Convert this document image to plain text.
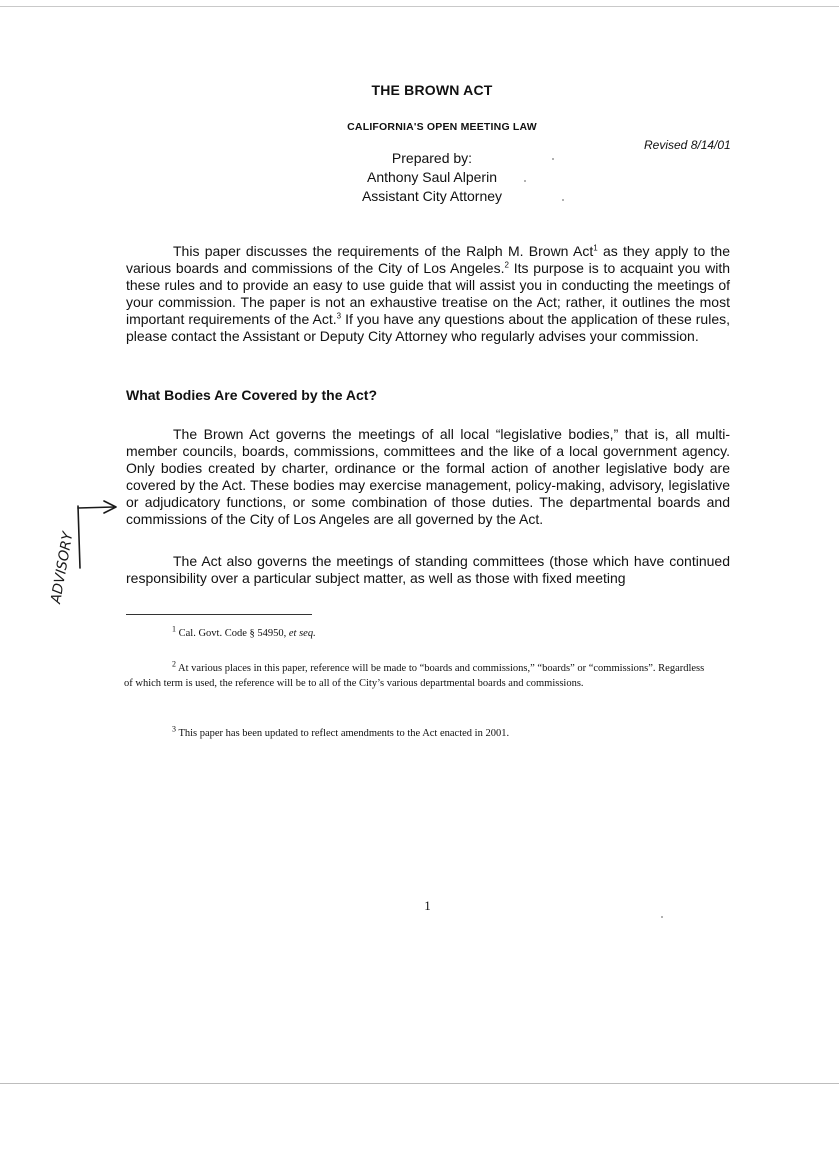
THE BROWN ACT

CALIFORNIA'S OPEN MEETING LAW

Revised 8/14/01

Prepared by:

Anthony Saul Alperin

Assistant City Attorney

This paper discusses the requirements of the Ralph M. Brown Act$^1$ as they apply to the various boards and commissions of the City of Los Angeles.$^2$ Its purpose is to acquaint you with these rules and to provide an easy to use guide that will assist you in conducting the meetings of your commission. The paper is not an exhaustive treatise on the Act; rather, it outlines the most important requirements of the Act.$^3$ If you have any questions about the application of these rules, please contact the Assistant or Deputy City Attorney who regularly advises your commission.

What Bodies Are Covered by the Act?

The Brown Act governs the meetings of all local “legislative bodies,” that is, all multi-member councils, boards, commissions, committees and the like of a local government agency. Only bodies created by charter, ordinance or the formal action of another legislative body are covered by the Act. These bodies may exercise management, policy-making, advisory, legislative or adjudicatory functions, or some combination of those duties. The departmental boards and commissions of the City of Los Angeles are all governed by the Act.

The Act also governs the meetings of standing committees (those which have continued responsibility over a particular subject matter, as well as those with fixed meeting

$^1$ Cal. Govt. Code § 54950, et seq.

$^2$ At various places in this paper, reference will be made to “boards and commissions,” “boards” or “commissions”. Regardless of which term is used, the reference will be to all of the City’s various departmental boards and commissions.

$^3$ This paper has been updated to reflect amendments to the Act enacted in 2001.

1

ADVISORY
